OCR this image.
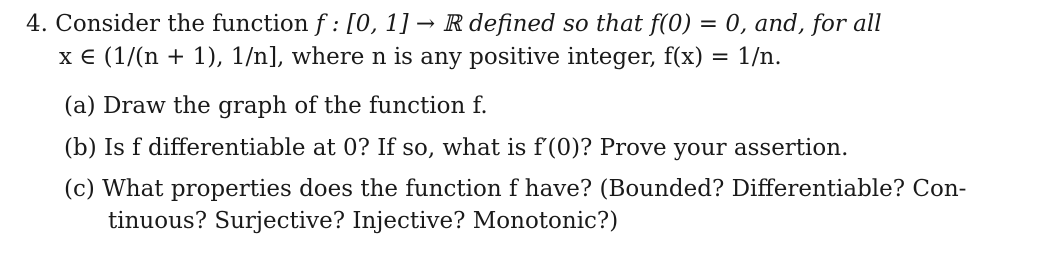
4. Consider the function f : [0, 1] → ℝ defined so that f(0) = 0, and, for all
x ∈ (1/(n + 1), 1/n], where n is any positive integer, f(x) = 1/n.
(a) Draw the graph of the function f.
(b) Is f differentiable at 0? If so, what is f′(0)? Prove your assertion.
(c) What properties does the function f have? (Bounded? Differentiable? Con-
tinuous? Surjective? Injective? Monotonic?)
